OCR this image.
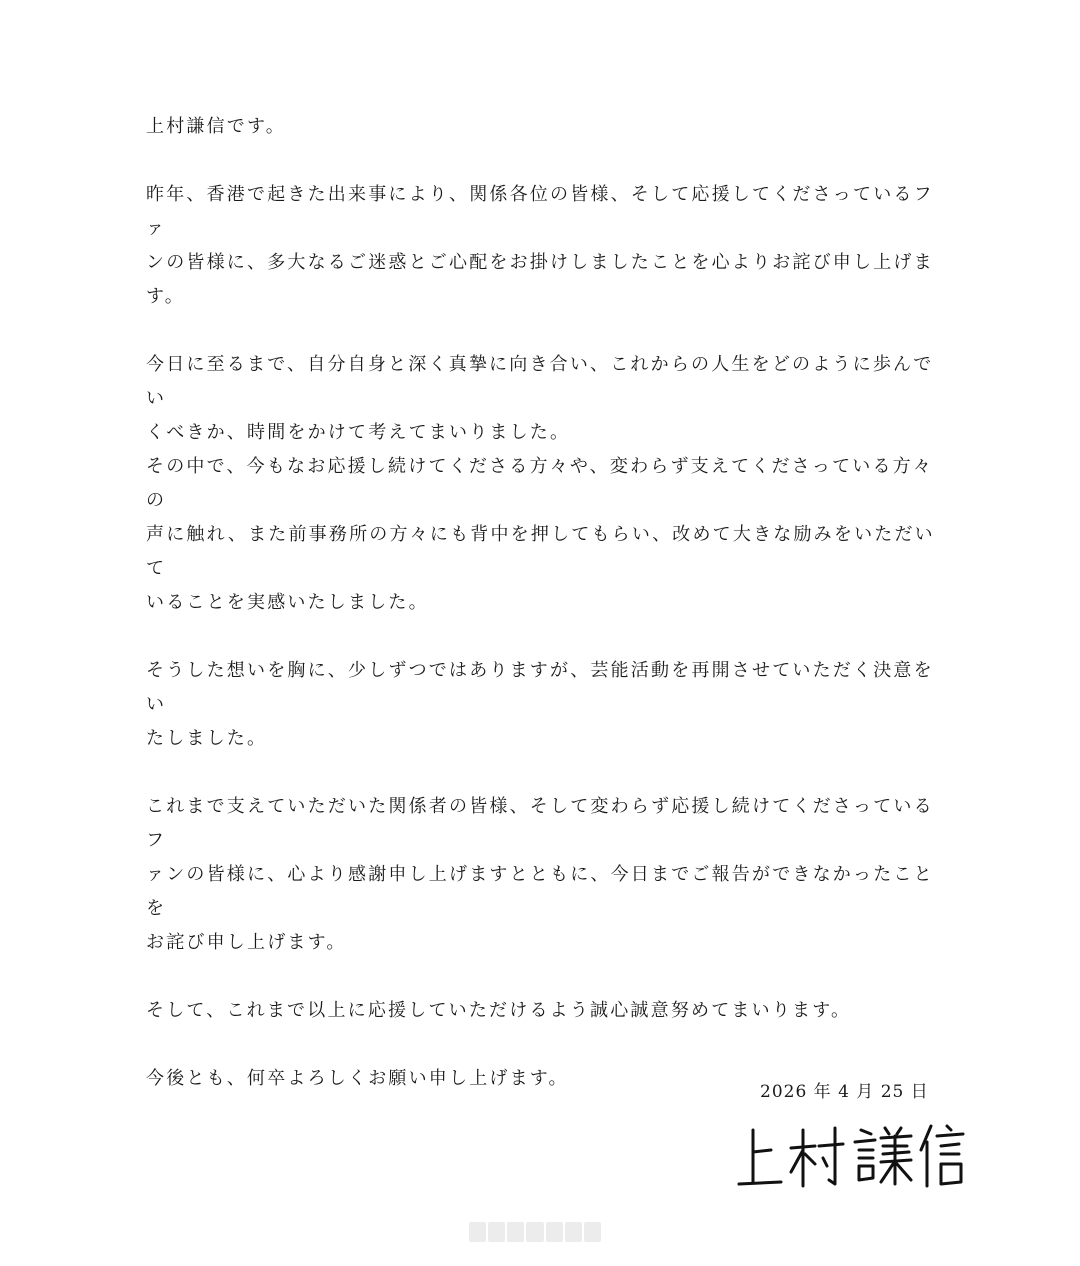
上村謙信です。

昨年、香港で起きた出来事により、関係各位の皆様、そして応援してくださっているファ
ンの皆様に、多大なるご迷惑とご心配をお掛けしましたことを心よりお詫び申し上げま
す。

今日に至るまで、自分自身と深く真摯に向き合い、これからの人生をどのように歩んでい
くべきか、時間をかけて考えてまいりました。

その中で、今もなお応援し続けてくださる方々や、変わらず支えてくださっている方々の
声に触れ、また前事務所の方々にも背中を押してもらい、改めて大きな励みをいただいて
いることを実感いたしました。

そうした想いを胸に、少しずつではありますが、芸能活動を再開させていただく決意をい
たしました。

これまで支えていただいた関係者の皆様、そして変わらず応援し続けてくださっているフ
ァンの皆様に、心より感謝申し上げますとともに、今日までご報告ができなかったことを
お詫び申し上げます。

そして、これまで以上に応援していただけるよう誠心誠意努めてまいります。

今後とも、何卒よろしくお願い申し上げます。

2026 年 4 月 25 日
